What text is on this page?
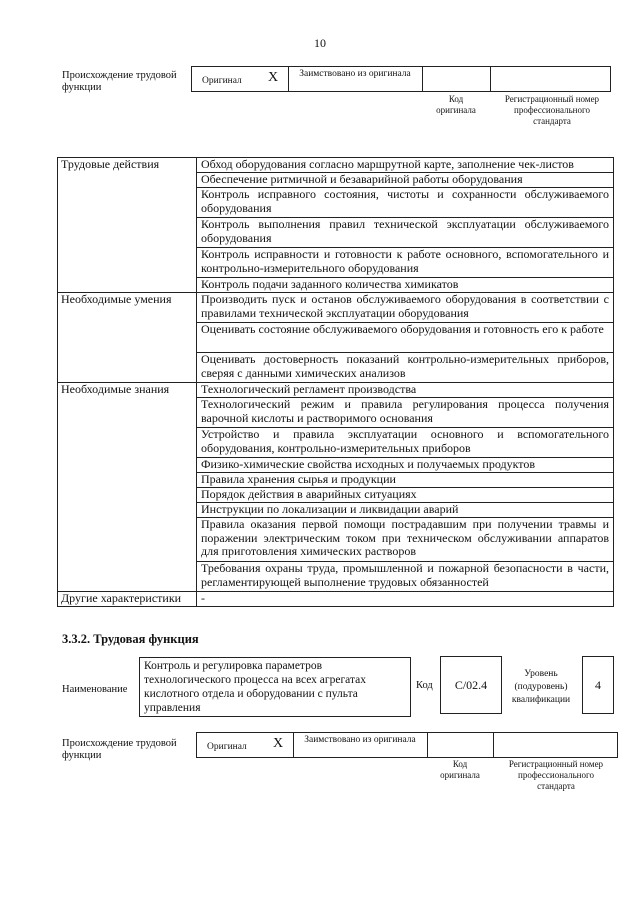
10
Происхождение трудовой функции
Оригинал X	Заимствовано из оригинала
Код оригинала
Регистрационный номер профессионального стандарта
Трудовые действия	Обход оборудования согласно маршрутной карте, заполнение чек-листов
	Обеспечение ритмичной и безаварийной работы оборудования
	Контроль исправного состояния, чистоты и сохранности обслуживаемого оборудования
	Контроль выполнения правил технической эксплуатации обслуживаемого оборудования
	Контроль исправности и готовности к работе основного, вспомогательного и контрольно-измерительного оборудования
	Контроль подачи заданного количества химикатов
Необходимые умения	Производить пуск и останов обслуживаемого оборудования в соответствии с правилами технической эксплуатации оборудования
	Оценивать состояние обслуживаемого оборудования и готовность его к работе
	Оценивать достоверность показаний контрольно-измерительных приборов, сверяя с данными химических анализов
Необходимые знания	Технологический регламент производства
	Технологический режим и правила регулирования процесса получения варочной кислоты и растворимого основания
	Устройство и правила эксплуатации основного и вспомогательного оборудования, контрольно-измерительных приборов
	Физико-химические свойства исходных и получаемых продуктов
	Правила хранения сырья и продукции
	Порядок действия в аварийных ситуациях
	Инструкции по локализации и ликвидации аварий
	Правила оказания первой помощи пострадавшим при получении травмы и поражении электрическим током при техническом обслуживании аппаратов для приготовления химических растворов
	Требования охраны труда, промышленной и пожарной безопасности в части, регламентирующей выполнение трудовых обязанностей
Другие характеристики	-
3.3.2. Трудовая функция
Наименование
Контроль и регулировка параметров технологического процесса на всех агрегатах кислотного отдела и оборудовании с пульта управления
Код C/02.4
Уровень (подуровень) квалификации
4
Происхождение трудовой функции
Оригинал X	Заимствовано из оригинала
Код оригинала
Регистрационный номер профессионального стандарта
